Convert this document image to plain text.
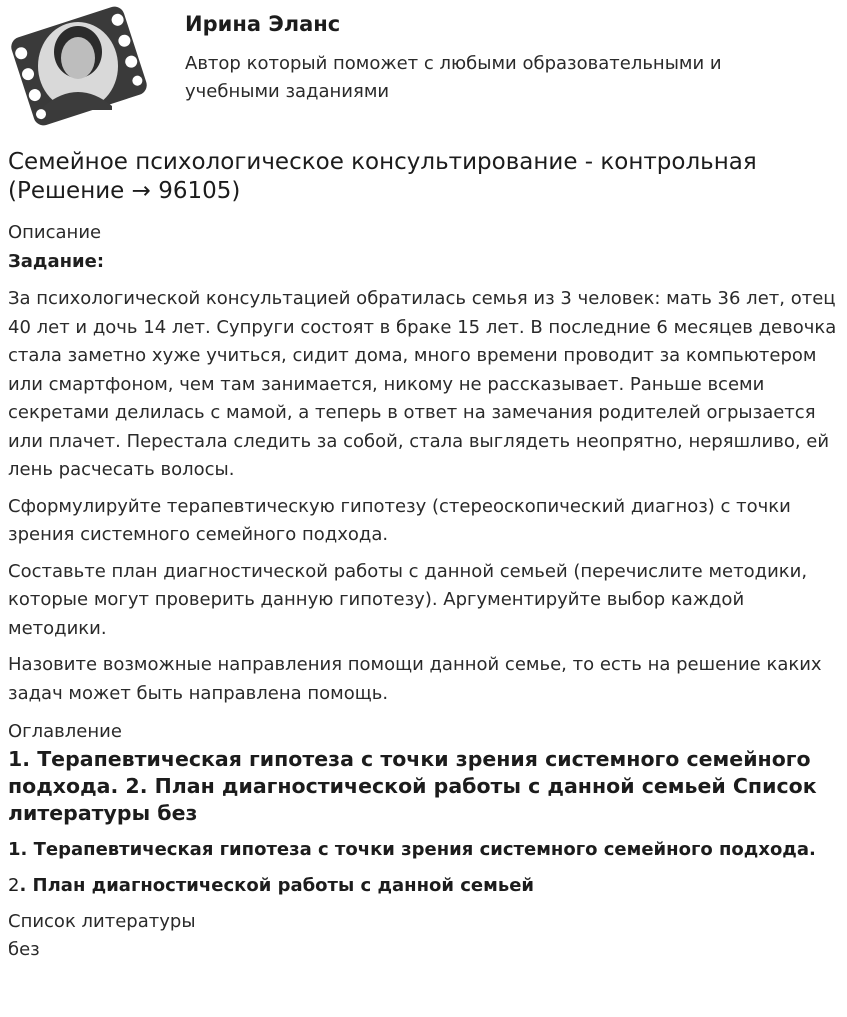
Ирина Эланс
Автор который поможет с любыми образовательными и учебными заданиями
Семейное психологическое консультирование - контрольная (Решение → 96105)
Описание
Задание:

За психологической консультацией обратилась семья из 3 человек: мать 36 лет, отец 40 лет и дочь 14 лет. Супруги состоят в браке 15 лет. В последние 6 месяцев девочка стала заметно хуже учиться, сидит дома, много времени проводит за компьютером или смартфоном, чем там занимается, никому не рассказывает. Раньше всеми секретами делилась с мамой, а теперь в ответ на замечания родителей огрызается или плачет. Перестала следить за собой, стала выглядеть неопрятно, неряшливо, ей лень расчесать волосы.

Сформулируйте терапевтическую гипотезу (стереоскопический диагноз) с точки зрения системного семейного подхода.

Составьте план диагностической работы с данной семьей (перечислите методики, которые могут проверить данную гипотезу). Аргументируйте выбор каждой методики.

Назовите возможные направления помощи данной семье, то есть на решение каких задач может быть направлена помощь.

Оглавление
1. Терапевтическая гипотеза с точки зрения системного семейного подхода. 2. План диагностической работы с данной семьей Список литературы без
1. Терапевтическая гипотеза с точки зрения системного семейного подхода.
2. План диагностической работы с данной семьей
Список литературы
без
